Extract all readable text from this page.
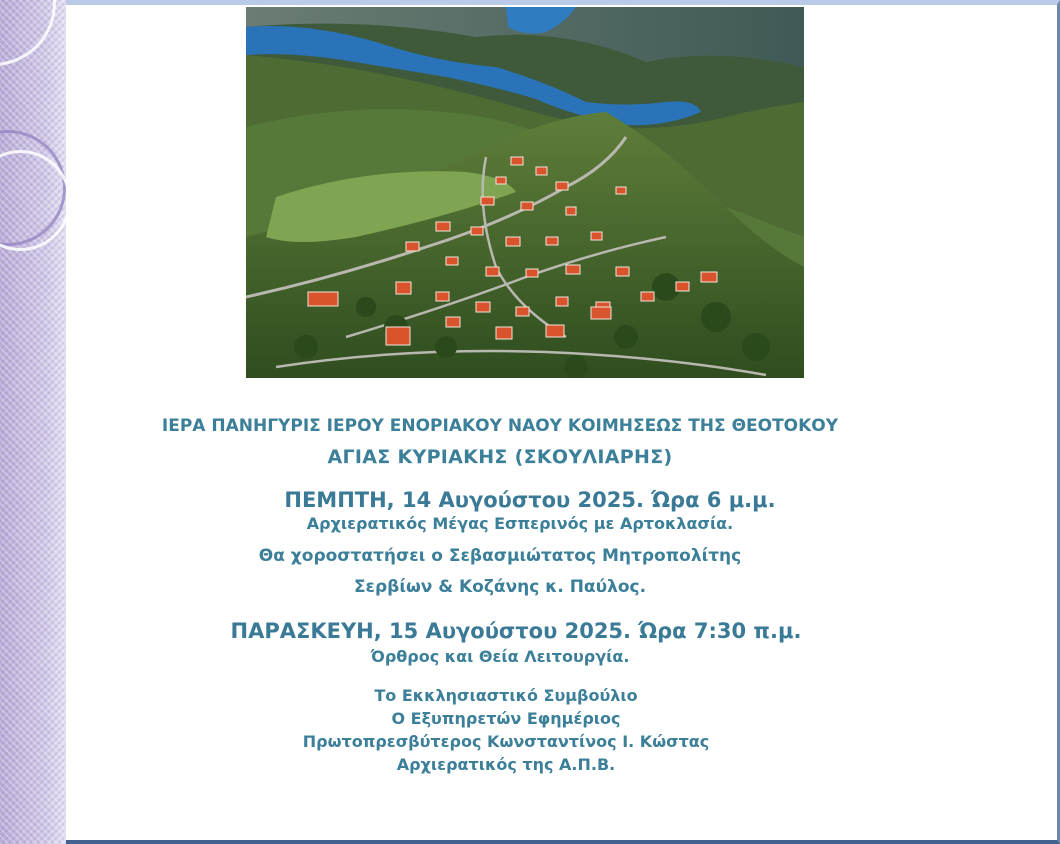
ΙΕΡΑ ΠΑΝΗΓΥΡΙΣ ΙΕΡΟΥ ΕΝΟΡΙΑΚΟΥ ΝΑΟΥ ΚΟΙΜΗΣΕΩΣ ΤΗΣ ΘΕΟΤΟΚΟΥ

ΑΓΙΑΣ ΚΥΡΙΑΚΗΣ (ΣΚΟΥΛΙΑΡΗΣ)

ΠΕΜΠΤΗ, 14 Αυγούστου 2025. Ώρα 6 μ.μ.

Αρχιερατικός Μέγας Εσπερινός με Αρτοκλασία.

Θα χοροστατήσει ο Σεβασμιώτατος Μητροπολίτης

Σερβίων & Κοζάνης κ. Παύλος.

ΠΑΡΑΣΚΕΥΗ, 15 Αυγούστου 2025. Ώρα 7:30 π.μ.

Όρθρος και Θεία Λειτουργία.

Το Εκκλησιαστικό Συμβούλιο

Ο Εξυπηρετών Εφημέριος

Πρωτοπρεσβύτερος Κωνσταντίνος Ι. Κώστας

Αρχιερατικός της Α.Π.Β.
